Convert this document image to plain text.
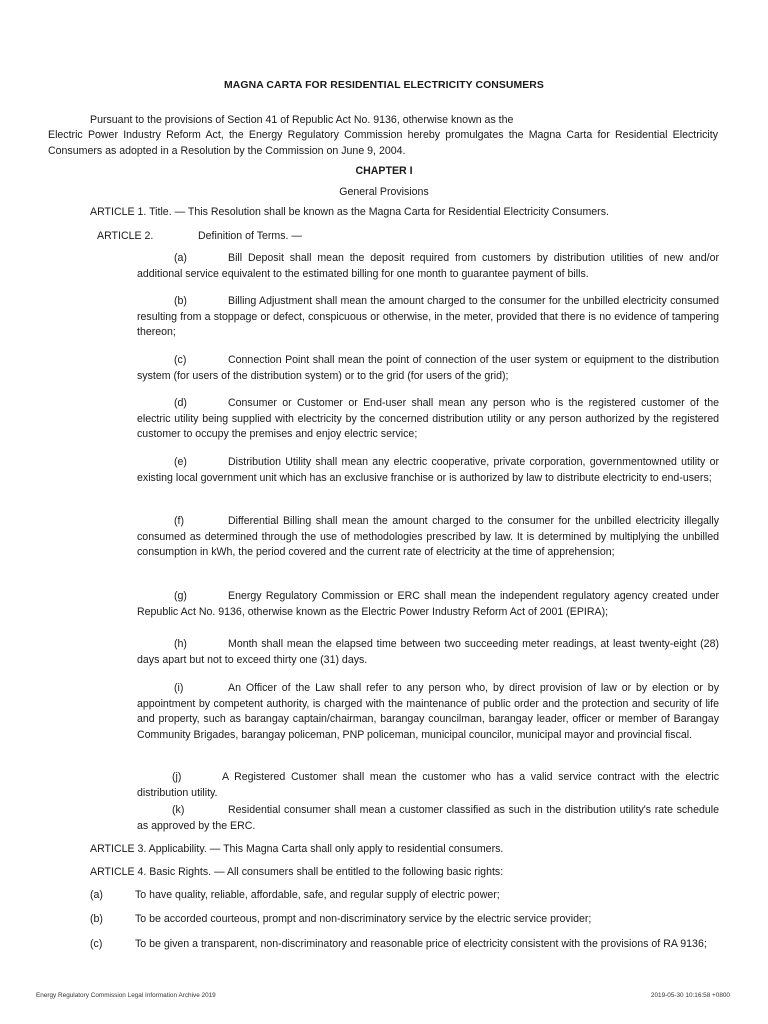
MAGNA CARTA FOR RESIDENTIAL ELECTRICITY CONSUMERS
Pursuant to the provisions of Section 41 of Republic Act No. 9136, otherwise known as the

Electric Power Industry Reform Act, the Energy Regulatory Commission hereby promulgates the Magna Carta for Residential Electricity Consumers as adopted in a Resolution by the Commission on June 9, 2004.

CHAPTER I
General Provisions
ARTICLE 1. Title. — This Resolution shall be known as the Magna Carta for Residential Electricity Consumers.
ARTICLE 2.	Definition of Terms. —
(a)	Bill Deposit shall mean the deposit required from customers by distribution utilities of new and/or additional service equivalent to the estimated billing for one month to guarantee payment of bills.

(b)	Billing Adjustment shall mean the amount charged to the consumer for the unbilled electricity consumed resulting from a stoppage or defect, conspicuous or otherwise, in the meter, provided that there is no evidence of tampering thereon;

(c)	Connection Point shall mean the point of connection of the user system or equipment to the distribution system (for users of the distribution system) or to the grid (for users of the grid);

(d)	Consumer or Customer or End-user shall mean any person who is the registered customer of the electric utility being supplied with electricity by the concerned distribution utility or any person authorized by the registered customer to occupy the premises and enjoy electric service;

(e)	Distribution Utility shall mean any electric cooperative, private corporation, governmentowned utility or existing local government unit which has an exclusive franchise or is authorized by law to distribute electricity to end-users;

(f)	Differential Billing shall mean the amount charged to the consumer for the unbilled electricity illegally consumed as determined through the use of methodologies prescribed by law. It is determined by multiplying the unbilled consumption in kWh, the period covered and the current rate of electricity at the time of apprehension;

(g)	Energy Regulatory Commission or ERC shall mean the independent regulatory agency created under Republic Act No. 9136, otherwise known as the Electric Power Industry Reform Act of 2001 (EPIRA);

(h)	Month shall mean the elapsed time between two succeeding meter readings, at least twenty-eight (28) days apart but not to exceed thirty one (31) days.

(i)	An Officer of the Law shall refer to any person who, by direct provision of law or by election or by appointment by competent authority, is charged with the maintenance of public order and the protection and security of life and property, such as barangay captain/chairman, barangay councilman, barangay leader, officer or member of Barangay Community Brigades, barangay policeman, PNP policeman, municipal councilor, municipal mayor and provincial fiscal.

(j)	A Registered Customer shall mean the customer who has a valid service contract with the electric distribution utility.

(k)	Residential consumer shall mean a customer classified as such in the distribution utility's rate schedule as approved by the ERC.

ARTICLE 3. Applicability. — This Magna Carta shall only apply to residential consumers.
ARTICLE 4. Basic Rights. — All consumers shall be entitled to the following basic rights:
(a)	To have quality, reliable, affordable, safe, and regular supply of electric power;
(b)	To be accorded courteous, prompt and non-discriminatory service by the electric service provider;
(c)	To be given a transparent, non-discriminatory and reasonable price of electricity consistent with the provisions of RA 9136;

Energy Regulatory Commission Legal Information Archive 2019	2019-05-30 10:16:58 +0800
